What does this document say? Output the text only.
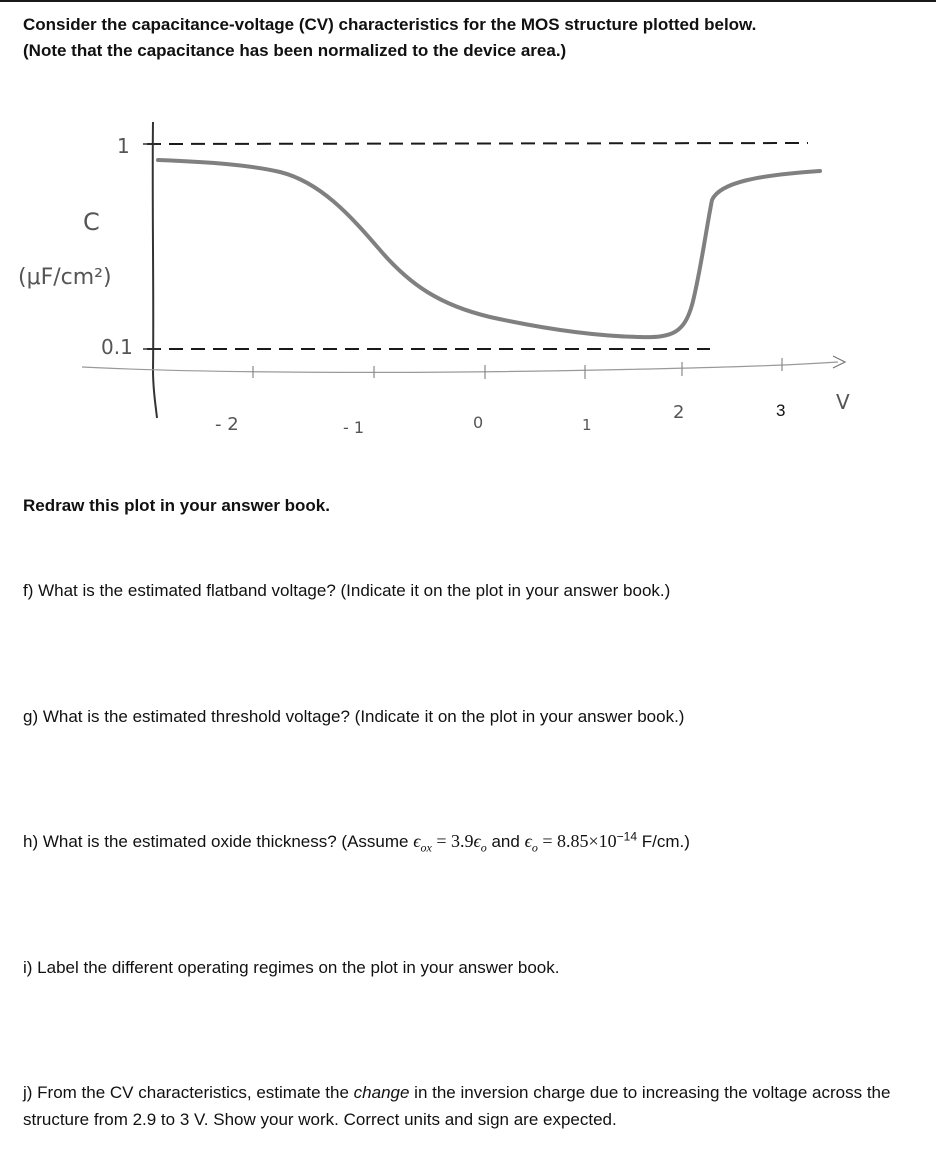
Consider the capacitance-voltage (CV) characteristics for the MOS structure plotted below.
(Note that the capacitance has been normalized to the device area.)
1
0.1
C
(μF/cm²)
- 2	- 1	0	1
2	3	V

Redraw this plot in your answer book.

f) What is the estimated flatband voltage? (Indicate it on the plot in your answer book.)

g) What is the estimated threshold voltage? (Indicate it on the plot in your answer book.)

h) What is the estimated oxide thickness? (Assume $\epsilon_{ox} = 3.9\epsilon_o$ and $\epsilon_o = 8.85\times 10^{-14}$ F/cm.)

i) Label the different operating regimes on the plot in your answer book.

j) From the CV characteristics, estimate the change in the inversion charge due to increasing the voltage across the structure from 2.9 to 3 V. Show your work. Correct units and sign are expected.
